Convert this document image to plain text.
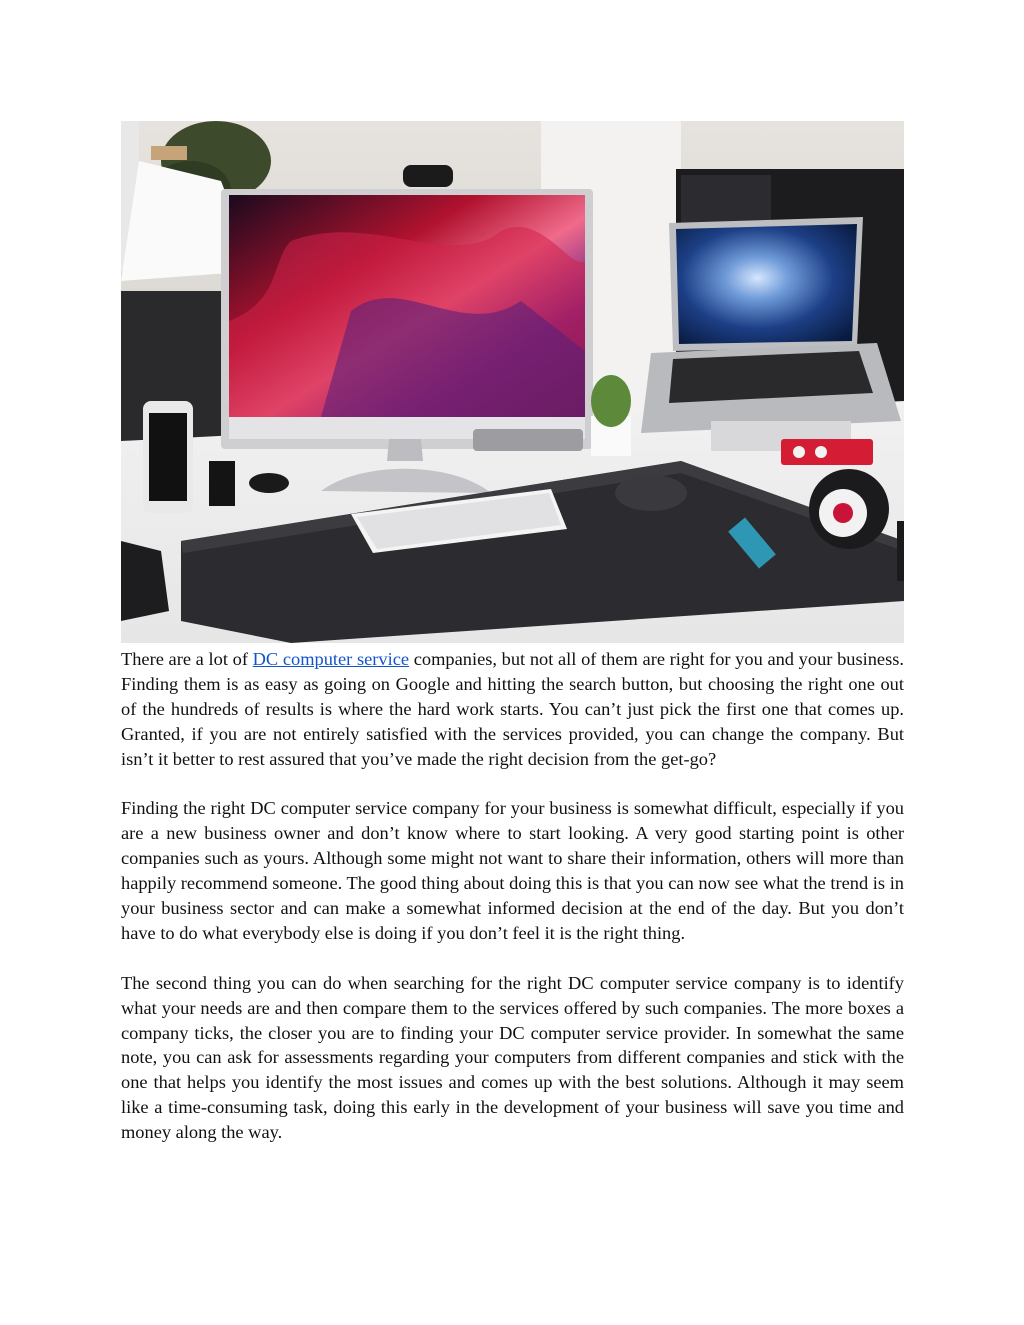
There are a lot of DC computer service companies, but not all of them are right for you and your business. Finding them is as easy as going on Google and hitting the search button, but choosing the right one out of the hundreds of results is where the hard work starts. You can’t just pick the first one that comes up. Granted, if you are not entirely satisfied with the services provided, you can change the company. But isn’t it better to rest assured that you’ve made the right decision from the get-go?

Finding the right DC computer service company for your business is somewhat difficult, especially if you are a new business owner and don’t know where to start looking. A very good starting point is other companies such as yours. Although some might not want to share their information, others will more than happily recommend someone. The good thing about doing this is that you can now see what the trend is in your business sector and can make a somewhat informed decision at the end of the day. But you don’t have to do what everybody else is doing if you don’t feel it is the right thing.

The second thing you can do when searching for the right DC computer service company is to identify what your needs are and then compare them to the services offered by such companies. The more boxes a company ticks, the closer you are to finding your DC computer service provider. In somewhat the same note, you can ask for assessments regarding your computers from different companies and stick with the one that helps you identify the most issues and comes up with the best solutions. Although it may seem like a time-consuming task, doing this early in the development of your business will save you time and money along the way.
